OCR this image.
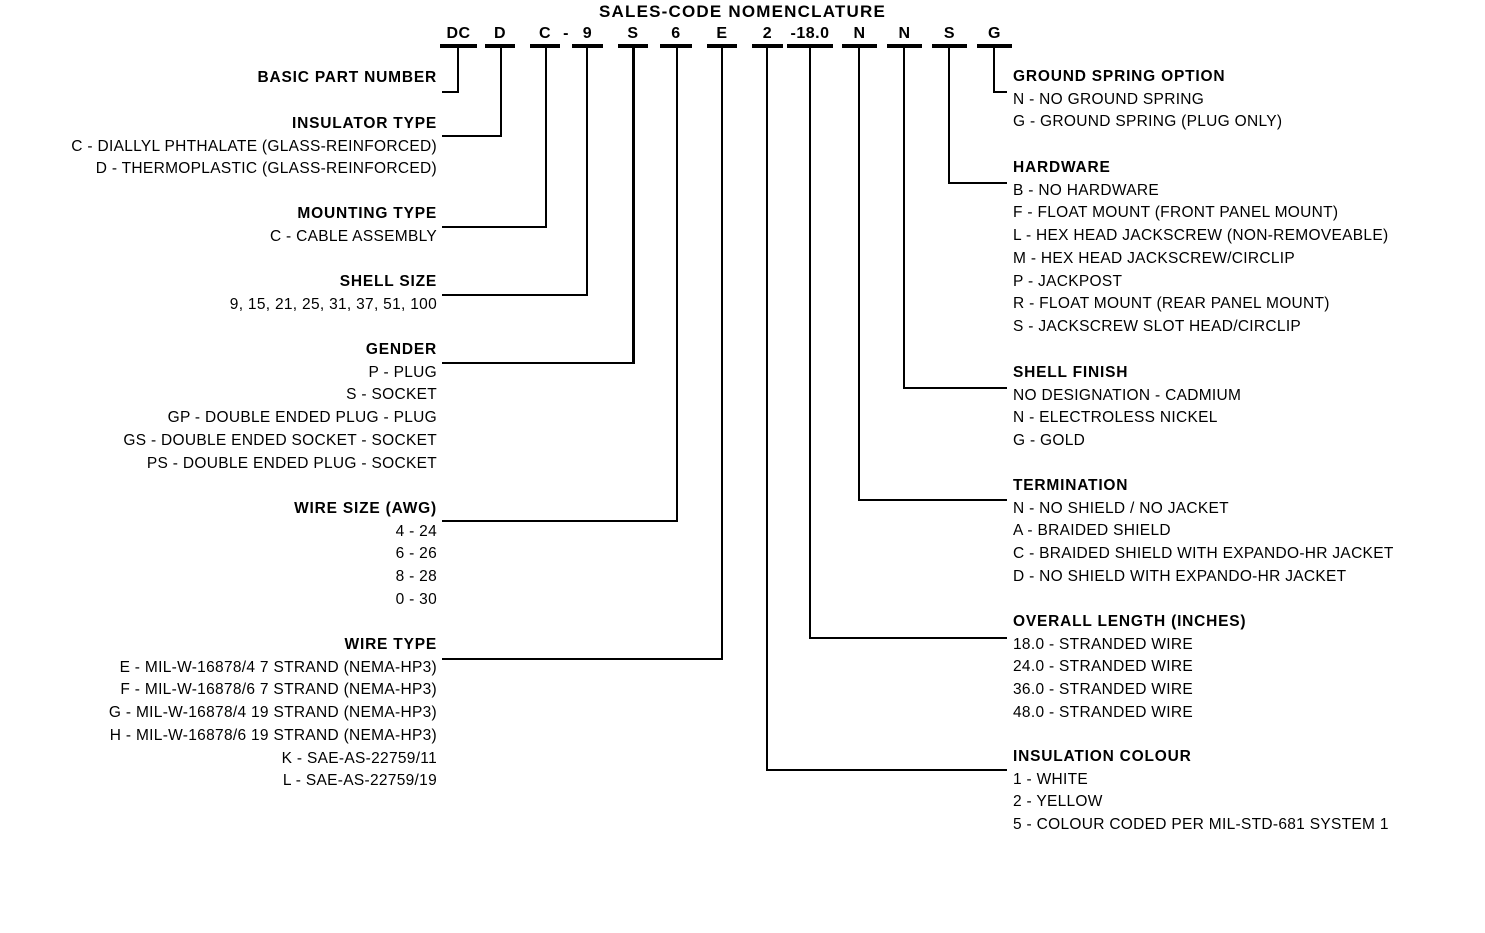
SALES-CODE NOMENCLATURE
DC	D	C - 9	S	6	E	2	-18.0	N	N	S	G
BASIC PART NUMBER
INSULATOR TYPE
C - DIALLYL PHTHALATE (GLASS-REINFORCED)
D - THERMOPLASTIC (GLASS-REINFORCED)
MOUNTING TYPE
C - CABLE ASSEMBLY
SHELL SIZE
9, 15, 21, 25, 31, 37, 51, 100
GENDER
P - PLUG
S - SOCKET
GP - DOUBLE ENDED PLUG - PLUG
GS - DOUBLE ENDED SOCKET - SOCKET
PS - DOUBLE ENDED PLUG - SOCKET
WIRE SIZE (AWG)
4 - 24
6 - 26
8 - 28
0 - 30
WIRE TYPE
E - MIL-W-16878/4 7 STRAND (NEMA-HP3)
F - MIL-W-16878/6 7 STRAND (NEMA-HP3)
G - MIL-W-16878/4 19 STRAND (NEMA-HP3)
H - MIL-W-16878/6 19 STRAND (NEMA-HP3)
K - SAE-AS-22759/11
L - SAE-AS-22759/19
GROUND SPRING OPTION
N - NO GROUND SPRING
G - GROUND SPRING (PLUG ONLY)
HARDWARE
B - NO HARDWARE
F - FLOAT MOUNT (FRONT PANEL MOUNT)
L - HEX HEAD JACKSCREW (NON-REMOVEABLE)
M - HEX HEAD JACKSCREW/CIRCLIP
P - JACKPOST
R - FLOAT MOUNT (REAR PANEL MOUNT)
S - JACKSCREW SLOT HEAD/CIRCLIP
SHELL FINISH
NO DESIGNATION - CADMIUM
N - ELECTROLESS NICKEL
G - GOLD
TERMINATION
N - NO SHIELD / NO JACKET
A - BRAIDED SHIELD
C - BRAIDED SHIELD WITH EXPANDO-HR JACKET
D - NO SHIELD WITH EXPANDO-HR JACKET
OVERALL LENGTH (INCHES)
18.0 - STRANDED WIRE
24.0 - STRANDED WIRE
36.0 - STRANDED WIRE
48.0 - STRANDED WIRE
INSULATION COLOUR
1 - WHITE
2 - YELLOW
5 - COLOUR CODED PER MIL-STD-681 SYSTEM 1
